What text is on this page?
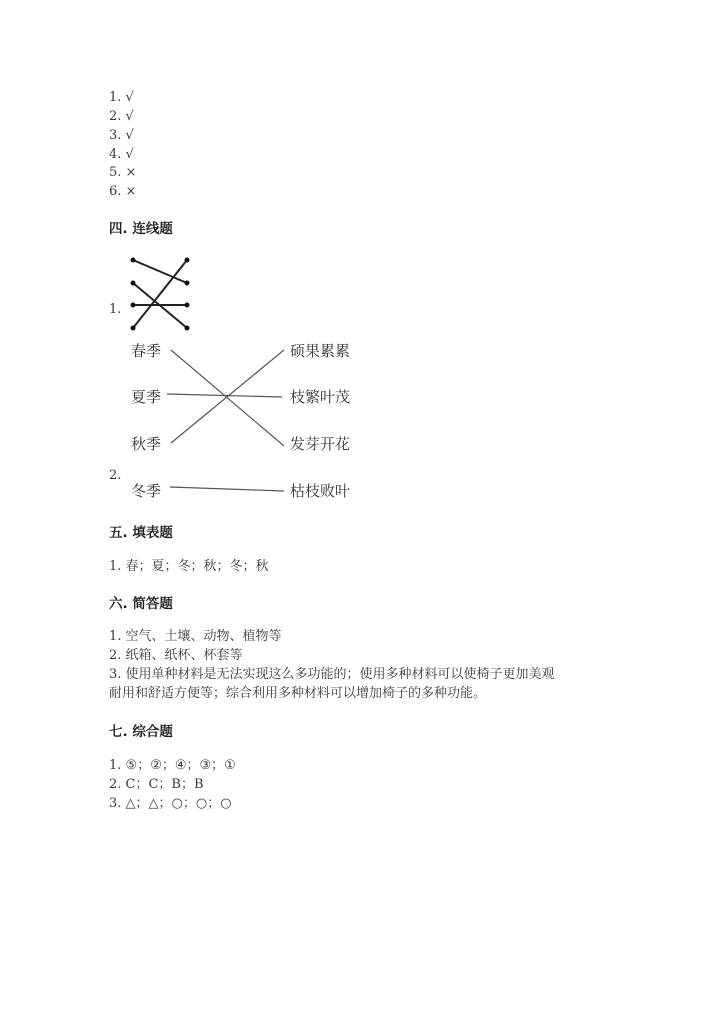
1. √
2. √
3. √
4. √
5. ×
6. ×
四. 连线题
1.
春季
夏季
秋季
冬季
硕果累累
枝繁叶茂
发芽开花
枯枝败叶
2.
五. 填表题
1. 春；夏；冬；秋；冬；秋
六. 简答题
1. 空气、土壤、动物、植物等
2. 纸箱、纸杯、杯套等
3. 使用单种材料是无法实现这么多功能的；使用多种材料可以使椅子更加美观
耐用和舒适方便等；综合利用多种材料可以增加椅子的多种功能。
七. 综合题
1. ⑤；②；④；③；①
2. C；C；B；B
3. △；△；○；○；○
